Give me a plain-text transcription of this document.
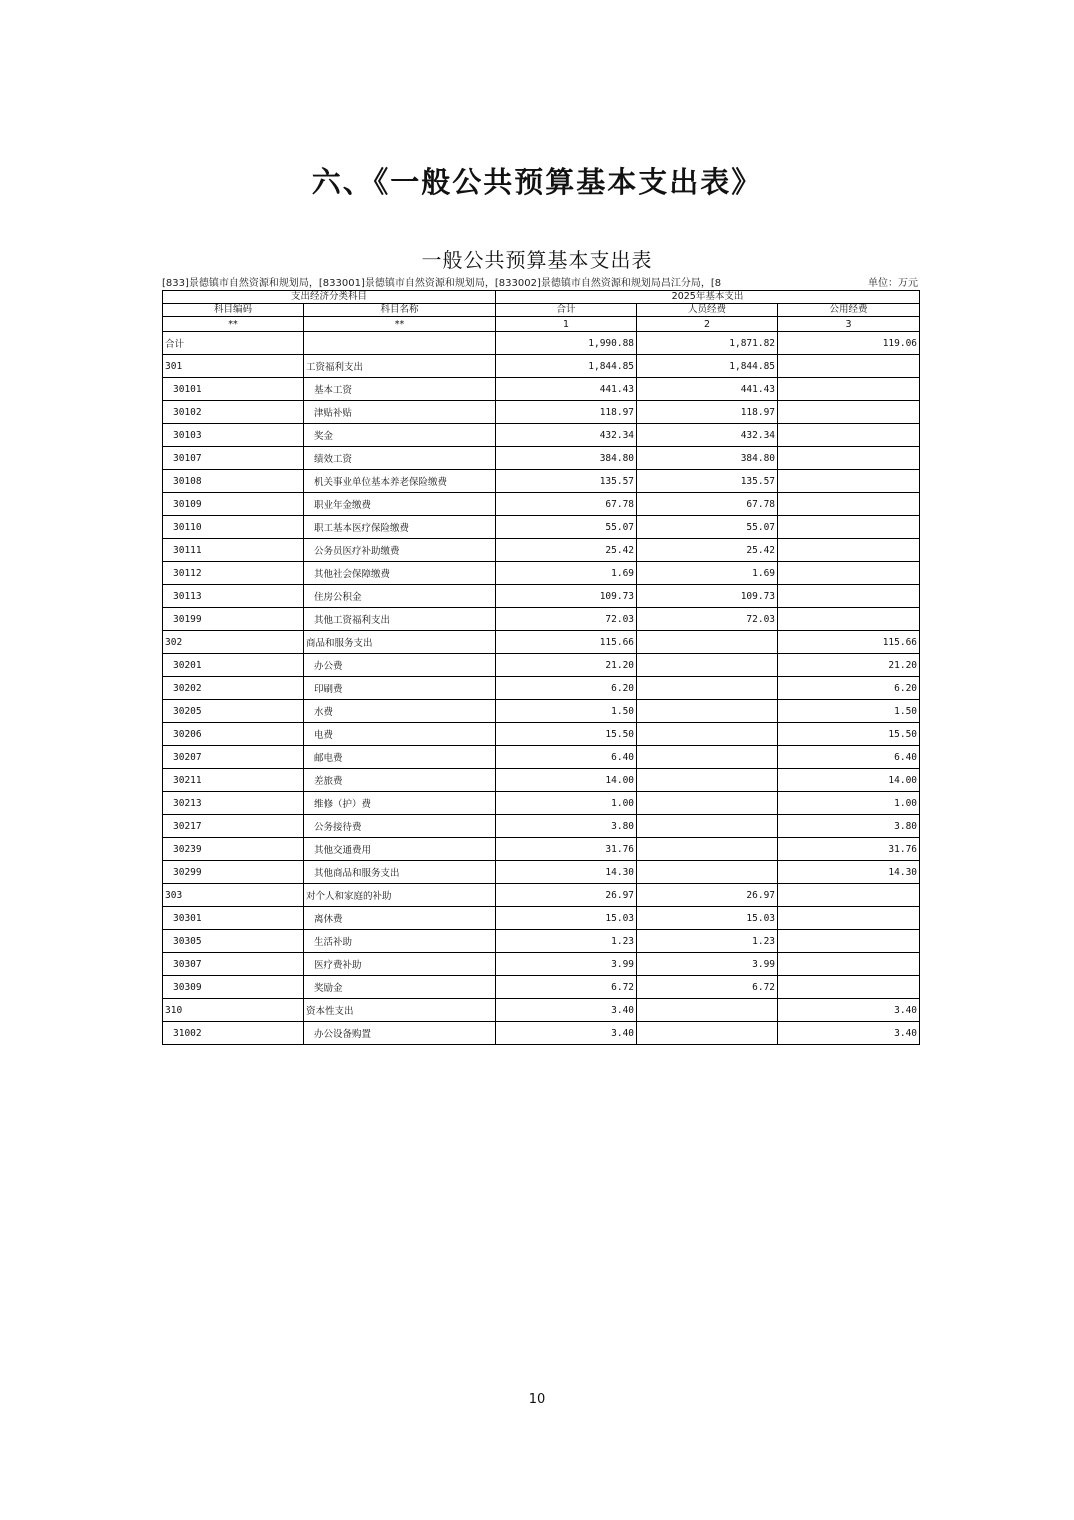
六、《一般公共预算基本支出表》
一般公共预算基本支出表
[833]景德镇市自然资源和规划局，[833001]景德镇市自然资源和规划局，[833002]景德镇市自然资源和规划局昌江分局，[8	单位：万元
支出经济分类科目		2025年基本支出		
科目编码	科目名称	合计	人员经费	公用经费
**	**	1	2	3
合计		1,990.88	1,871.82	119.06
301	工资福利支出	1,844.85	1,844.85	
30101	基本工资	441.43	441.43	
30102	津贴补贴	118.97	118.97	
30103	奖金	432.34	432.34	
30107	绩效工资	384.80	384.80	
30108	机关事业单位基本养老保险缴费	135.57	135.57	
30109	职业年金缴费	67.78	67.78	
30110	职工基本医疗保险缴费	55.07	55.07	
30111	公务员医疗补助缴费	25.42	25.42	
30112	其他社会保障缴费	1.69	1.69	
30113	住房公积金	109.73	109.73	
30199	其他工资福利支出	72.03	72.03	
302	商品和服务支出	115.66		115.66
30201	办公费	21.20		21.20
30202	印刷费	6.20		6.20
30205	水费	1.50		1.50
30206	电费	15.50		15.50
30207	邮电费	6.40		6.40
30211	差旅费	14.00		14.00
30213	维修（护）费	1.00		1.00
30217	公务接待费	3.80		3.80
30239	其他交通费用	31.76		31.76
30299	其他商品和服务支出	14.30		14.30
303	对个人和家庭的补助	26.97	26.97	
30301	离休费	15.03	15.03	
30305	生活补助	1.23	1.23	
30307	医疗费补助	3.99	3.99	
30309	奖励金	6.72	6.72	
310	资本性支出	3.40		3.40
31002	办公设备购置	3.40		3.40
10
